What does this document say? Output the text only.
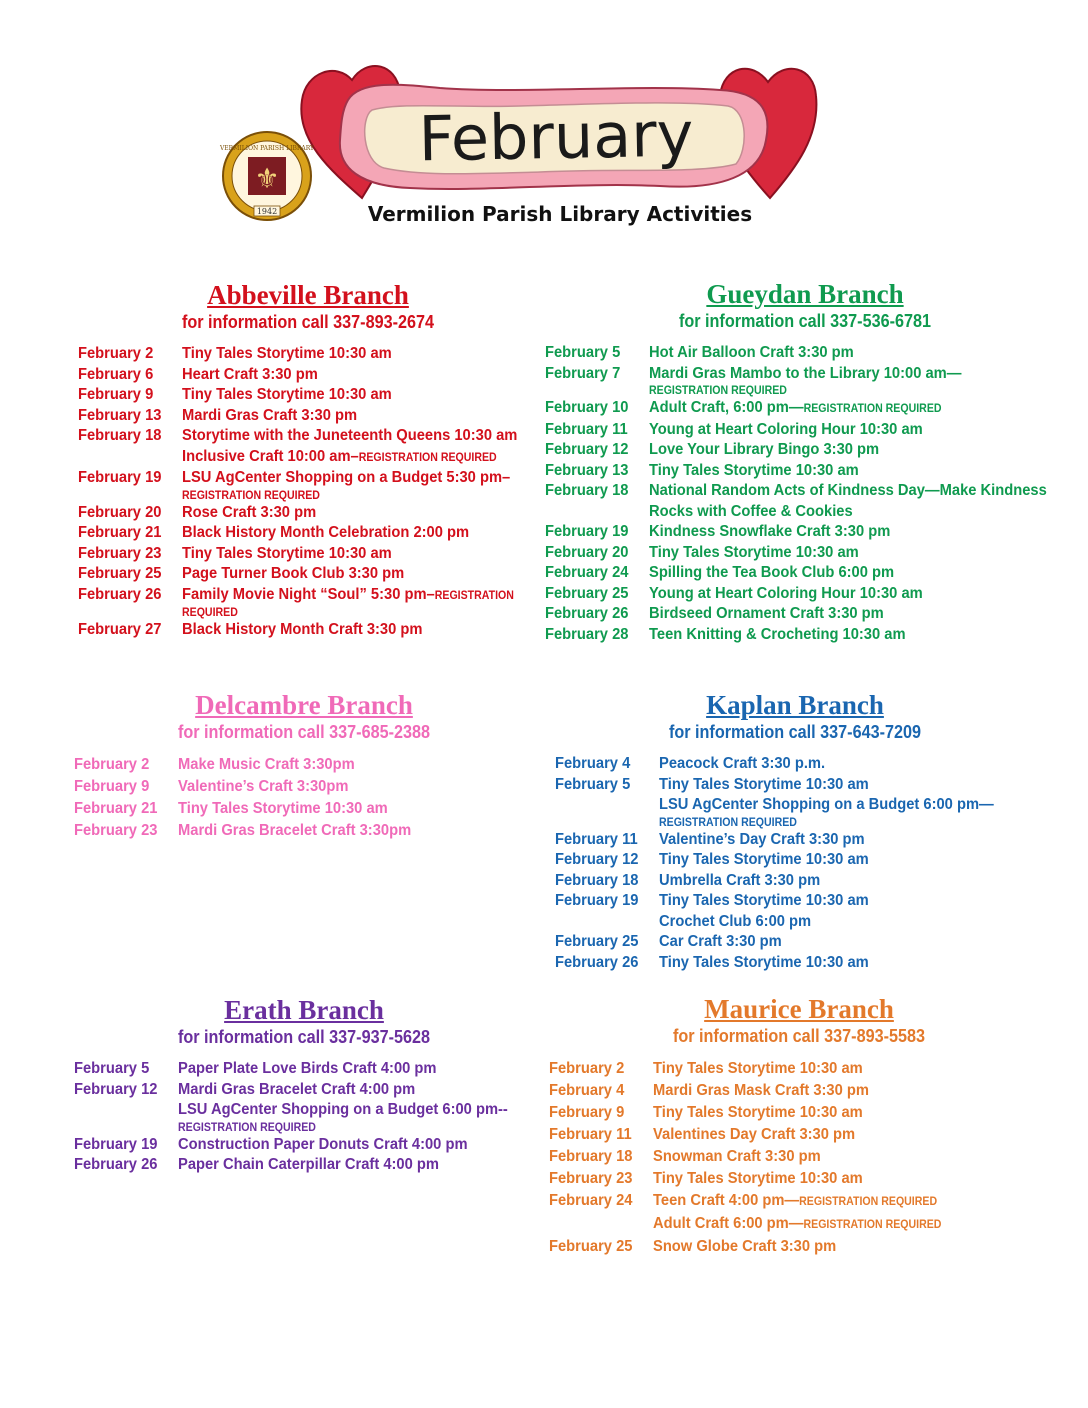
February
⚜
1942
VERMILION PARISH LIBRARY
Vermilion Parish Library Activities
Abbeville Branch
for information call 337-893-2674
February 2	Tiny Tales Storytime 10:30 am
February 6	Heart Craft 3:30 pm
February 9	Tiny Tales Storytime 10:30 am
February 13	Mardi Gras Craft 3:30 pm
February 18	Storytime with the Juneteenth Queens 10:30 am
Inclusive Craft 10:00 am–REGISTRATION REQUIRED
February 19	LSU AgCenter Shopping on a Budget 5:30 pm–
REGISTRATION REQUIRED
February 20	Rose Craft 3:30 pm
February 21	Black History Month Celebration 2:00 pm
February 23	Tiny Tales Storytime 10:30 am
February 25	Page Turner Book Club 3:30 pm
February 26	Family Movie Night “Soul” 5:30 pm–REGISTRATION
REQUIRED
February 27	Black History Month Craft 3:30 pm
Gueydan Branch
for information call 337-536-6781
February 5	Hot Air Balloon Craft 3:30 pm
February 7	Mardi Gras Mambo to the Library 10:00 am—
REGISTRATION REQUIRED
February 10	Adult Craft, 6:00 pm—REGISTRATION REQUIRED
February 11	Young at Heart Coloring Hour 10:30 am
February 12	Love Your Library Bingo 3:30 pm
February 13	Tiny Tales Storytime 10:30 am
February 18	National Random Acts of Kindness Day—Make Kindness
Rocks with Coffee & Cookies
February 19	Kindness Snowflake Craft 3:30 pm
February 20	Tiny Tales Storytime 10:30 am
February 24	Spilling the Tea Book Club 6:00 pm
February 25	Young at Heart Coloring Hour 10:30 am
February 26	Birdseed Ornament Craft 3:30 pm
February 28	Teen Knitting & Crocheting 10:30 am
Delcambre Branch
for information call 337-685-2388
February 2	Make Music Craft 3:30pm
February 9	Valentine’s Craft 3:30pm
February 21	Tiny Tales Storytime 10:30 am
February 23	Mardi Gras Bracelet Craft 3:30pm
Kaplan Branch
for information call 337-643-7209
February 4	Peacock Craft 3:30 p.m.
February 5	Tiny Tales Storytime 10:30 am
LSU AgCenter Shopping on a Budget 6:00 pm—
REGISTRATION REQUIRED
February 11	Valentine’s Day Craft 3:30 pm
February 12	Tiny Tales Storytime 10:30 am
February 18	Umbrella Craft 3:30 pm
February 19	Tiny Tales Storytime 10:30 am
Crochet Club 6:00 pm
February 25	Car Craft 3:30 pm
February 26	Tiny Tales Storytime 10:30 am
Erath Branch
for information call 337-937-5628
February 5	Paper Plate Love Birds Craft 4:00 pm
February 12	Mardi Gras Bracelet Craft 4:00 pm
LSU AgCenter Shopping on a Budget 6:00 pm--
REGISTRATION REQUIRED
February 19	Construction Paper Donuts Craft 4:00 pm
February 26	Paper Chain Caterpillar Craft 4:00 pm
Maurice Branch
for information call 337-893-5583
February 2	Tiny Tales Storytime 10:30 am
February 4	Mardi Gras Mask Craft 3:30 pm
February 9	Tiny Tales Storytime 10:30 am
February 11	Valentines Day Craft 3:30 pm
February 18	Snowman Craft 3:30 pm
February 23	Tiny Tales Storytime 10:30 am
February 24	Teen Craft 4:00 pm—REGISTRATION REQUIRED
Adult Craft 6:00 pm—REGISTRATION REQUIRED
February 25	Snow Globe Craft 3:30 pm
